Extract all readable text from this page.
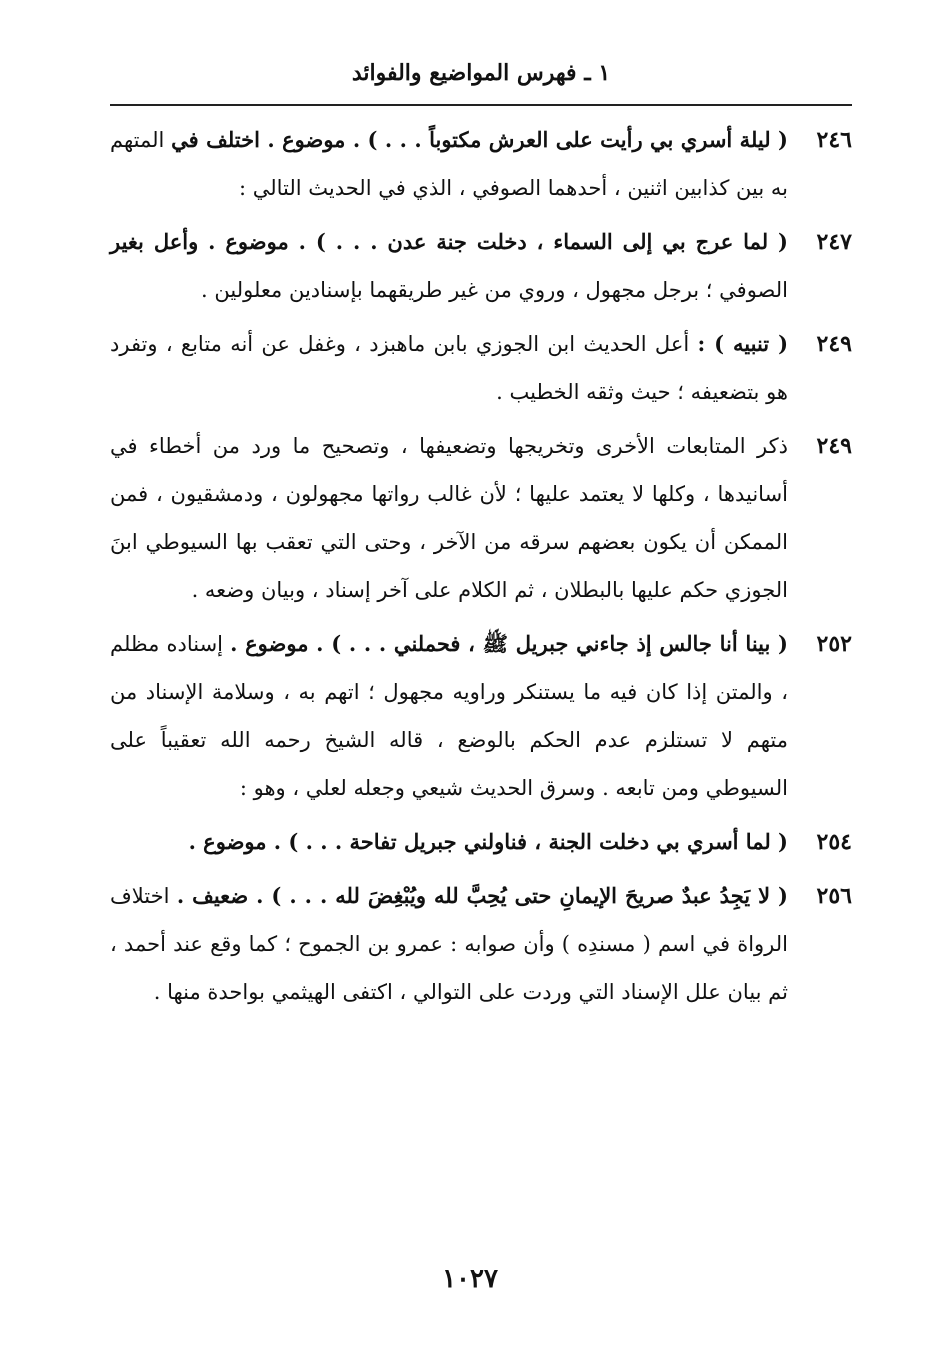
١ ـ فهرس المواضيع والفوائد
٢٤٦
( ليلة أسري بي رأيت على العرش مكتوباً . . . ) . موضوع . اختلف في المتهم به بين كذابين اثنين ، أحدهما الصوفي ، الذي في الحديث التالي :
٢٤٧
( لما عرج بي إلى السماء ، دخلت جنة عدن . . . ) . موضوع . وأعل بغير الصوفي ؛ برجل مجهول ، وروي من غير طريقهما بإسنادين معلولين .
٢٤٩
( تنبيه ) : أعل الحديث ابن الجوزي بابن ماهبزد ، وغفل عن أنه متابع ، وتفرد هو بتضعيفه ؛ حيث وثقه الخطيب .
٢٤٩
ذكر المتابعات الأخرى وتخريجها وتضعيفها ، وتصحيح ما ورد من أخطاء في أسانيدها ، وكلها لا يعتمد عليها ؛ لأن غالب رواتها مجهولون ، ودمشقيون ، فمن الممكن أن يكون بعضهم سرقه من الآخر ، وحتى التي تعقب بها السيوطي ابنَ الجوزي حكم عليها بالبطلان ، ثم الكلام على آخر إسناد ، وبيان وضعه .
٢٥٢
( بينا أنا جالس إذ جاءني جبريل ﷺ ، فحملني . . . ) . موضوع . إسناده مظلم ، والمتن إذا كان فيه ما يستنكر وراويه مجهول ؛ اتهم به ، وسلامة الإسناد من متهم لا تستلزم عدم الحكم بالوضع ، قاله الشيخ رحمه الله تعقيباً على السيوطي ومن تابعه . وسرق الحديث شيعي وجعله لعلي ، وهو :
٢٥٤
( لما أسري بي دخلت الجنة ، فناولني جبريل تفاحة . . . ) . موضوع .
٢٥٦
( لا يَجِدُ عبدٌ صريحَ الإيمانِ حتى يُحِبَّ لله ويُبْغِضَ لله . . . ) . ضعيف . اختلاف الرواة في اسم ( مسندِه ) وأن صوابه : عمرو بن الجموح ؛ كما وقع عند أحمد ، ثم بيان علل الإسناد التي وردت على التوالي ، اكتفى الهيثمي بواحدة منها .
١٠٢٧
